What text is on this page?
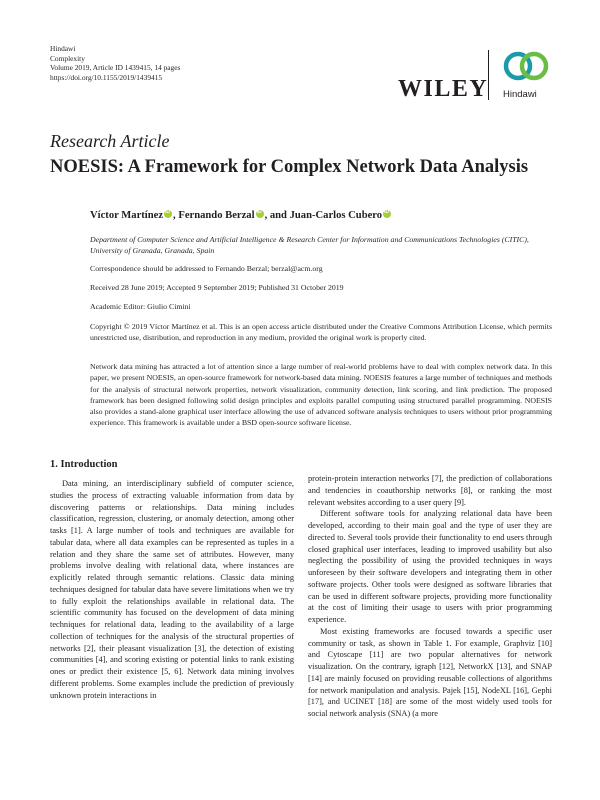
Hindawi
Complexity
Volume 2019, Article ID 1439415, 14 pages
https://doi.org/10.1155/2019/1439415	WILEY Hindawi
Research Article
NOESIS: A Framework for Complex Network Data Analysis
Víctor Martínez iD , Fernando Berzal iD , and Juan-Carlos CuberoiD
Department of Computer Science and Artificial Intelligence & Research Center for Information and Communications Technologies (CITIC), University of Granada, Granada, Spain
Correspondence should be addressed to Fernando Berzal; berzal@acm.org
Received 28 June 2019; Accepted 9 September 2019; Published 31 October 2019
Academic Editor: Giulio Cimini
Copyright © 2019 Víctor Martínez et al. This is an open access article distributed under the Creative Commons Attribution License, which permits unrestricted use, distribution, and reproduction in any medium, provided the original work is properly cited.
Network data mining has attracted a lot of attention since a large number of real-world problems have to deal with complex network data. In this paper, we present NOESIS, an open-source framework for network-based data mining. NOESIS features a large number of techniques and methods for the analysis of structural network properties, network visualization, community detection, link scoring, and link prediction. The proposed framework has been designed following solid design principles and exploits parallel computing using structured parallel programming. NOESIS also provides a stand-alone graphical user interface allowing the use of advanced software analysis techniques to users without prior programming experience. This framework is available under a BSD open-source software license.
1. Introduction

Data mining, an interdisciplinary subfield of computer science, studies the process of extracting valuable information from data by discovering patterns or relationships. Data mining includes classification, regression, clustering, or anomaly detection, among other tasks [1]. A large number of tools and techniques are available for tabular data, where all data examples can be represented as tuples in a relation and they share the same set of attributes. However, many problems involve dealing with relational data, where instances are explicitly related through semantic relations. Classic data mining techniques designed for tabular data have severe limitations when we try to fully exploit the relationships available in relational data. The scientific community has focused on the development of data mining techniques for relational data, leading to the availability of a large collection of techniques for the analysis of the structural properties of networks [2], their pleasant visualization [3], the detection of existing communities [4], and scoring existing or potential links to rank existing ones or predict their existence [5, 6]. Network data mining involves different problems. Some examples include the prediction of previously unknown protein interactions in

protein-protein interaction networks [7], the prediction of collaborations and tendencies in coauthorship networks [8], or ranking the most relevant websites according to a user query [9].

Different software tools for analyzing relational data have been developed, according to their main goal and the type of user they are directed to. Several tools provide their functionality to end users through closed graphical user interfaces, leading to improved usability but also neglecting the possibility of using the provided techniques in ways unforeseen by their software developers and integrating them in other software projects. Other tools were designed as software libraries that can be used in different software projects, providing more functionality at the cost of limiting their usage to users with prior programming experience.

Most existing frameworks are focused towards a specific user community or task, as shown in Table 1. For example, Graphviz [10] and Cytoscape [11] are two popular alternatives for network visualization. On the contrary, igraph [12], NetworkX [13], and SNAP [14] are mainly focused on providing reusable collections of algorithms for network manipulation and analysis. Pajek [15], NodeXL [16], Gephi [17], and UCINET [18] are some of the most widely used tools for social network analysis (SNA) (a more
